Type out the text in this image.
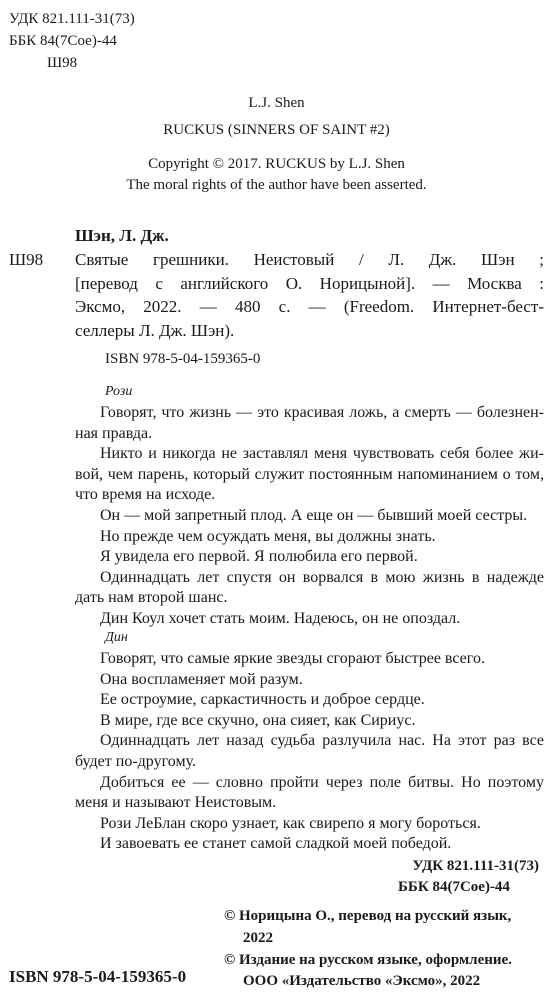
УДК 821.111-31(73)
ББК 84(7Сое)-44
Ш98
L.J. Shen
RUCKUS (SINNERS OF SAINT #2)
Copyright © 2017. RUCKUS by L.J. Shen
The moral rights of the author have been asserted.
Шэн, Л. Дж.
Ш98 Святые грешники. Неистовый / Л. Дж. Шэн ;
[перевод с английского О. Норицыной]. — Москва :
Эксмо, 2022. — 480 с. — (Freedom. Интернет-бест-
селлеры Л. Дж. Шэн).
ISBN 978-5-04-159365-0
Рози
Говорят, что жизнь — это красивая ложь, а смерть — болезнен-
ная правда.
Никто и никогда не заставлял меня чувствовать себя более жи-
вой, чем парень, который служит постоянным напоминанием о том,
что время на исходе.
Он — мой запретный плод. А еще он — бывший моей сестры.
Но прежде чем осуждать меня, вы должны знать.
Я увидела его первой. Я полюбила его первой.
Одиннадцать лет спустя он ворвался в мою жизнь в надежде
дать нам второй шанс.
Дин Коул хочет стать моим. Надеюсь, он не опоздал.
Дин
Говорят, что самые яркие звезды сгорают быстрее всего.
Она воспламеняет мой разум.
Ее остроумие, саркастичность и доброе сердце.
В мире, где все скучно, она сияет, как Сириус.
Одиннадцать лет назад судьба разлучила нас. На этот раз все
будет по-другому.
Добиться ее — словно пройти через поле битвы. Но поэтому
меня и называют Неистовым.
Рози ЛеБлан скоро узнает, как свирепо я могу бороться.
И завоевать ее станет самой сладкой моей победой.
УДК 821.111-31(73)
ББК 84(7Сое)-44
© Норицына О., перевод на русский язык,
2022
© Издание на русском языке, оформление.
ООО «Издательство «Эксмо», 2022
ISBN 978-5-04-159365-0
